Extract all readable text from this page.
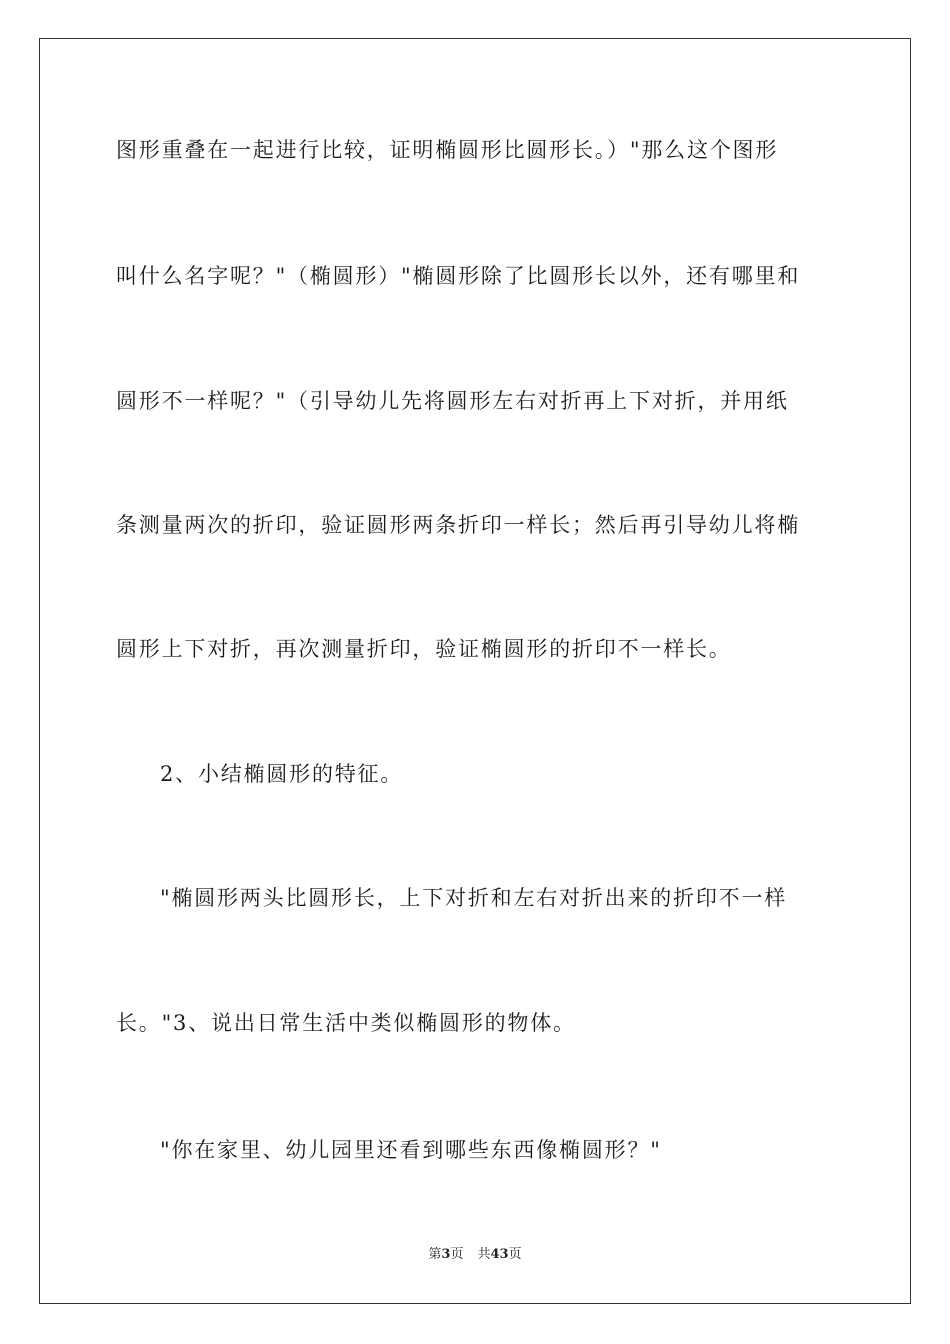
图形重叠在一起进行比较，证明椭圆形比圆形长。）"那么这个图形
叫什么名字呢？"（椭圆形）"椭圆形除了比圆形长以外，还有哪里和
圆形不一样呢？"（引导幼儿先将圆形左右对折再上下对折，并用纸
条测量两次的折印，验证圆形两条折印一样长；然后再引导幼儿将椭
圆形上下对折，再次测量折印，验证椭圆形的折印不一样长。
2、小结椭圆形的特征。
"椭圆形两头比圆形长，上下对折和左右对折出来的折印不一样
长。"3、说出日常生活中类似椭圆形的物体。
"你在家里、幼儿园里还看到哪些东西像椭圆形？"
第3页 共43页
